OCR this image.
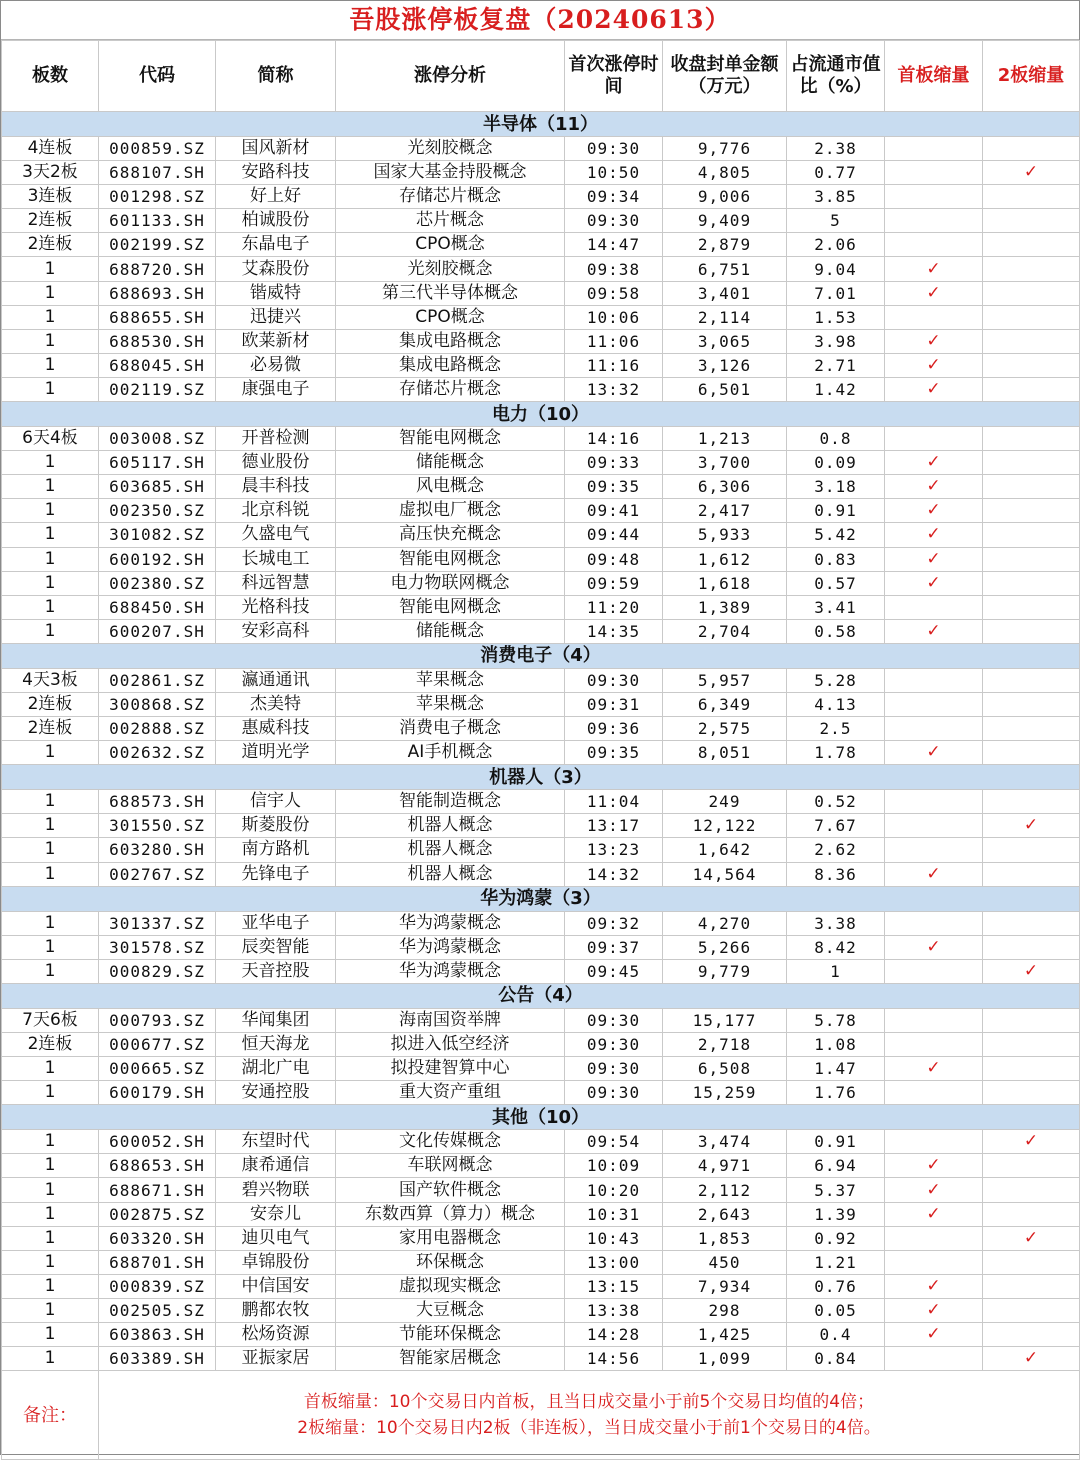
吾股涨停板复盘（20240613）
板数	代码	简称	涨停分析	首次涨停时间	收盘封单金额（万元）	占流通市值比（%）	首板缩量	2板缩量
半导体（11）								
4连板	000859.SZ	国风新材	光刻胶概念	09:30	9,776	2.38		
3天2板	688107.SH	安路科技	国家大基金持股概念	10:50	4,805	0.77		✓
3连板	001298.SZ	好上好	存储芯片概念	09:34	9,006	3.85		
2连板	601133.SH	柏诚股份	芯片概念	09:30	9,409	5		
2连板	002199.SZ	东晶电子	CPO概念	14:47	2,879	2.06		
1	688720.SH	艾森股份	光刻胶概念	09:38	6,751	9.04	✓	
1	688693.SH	锴威特	第三代半导体概念	09:58	3,401	7.01	✓	
1	688655.SH	迅捷兴	CPO概念	10:06	2,114	1.53		
1	688530.SH	欧莱新材	集成电路概念	11:06	3,065	3.98	✓	
1	688045.SH	必易微	集成电路概念	11:16	3,126	2.71	✓	
1	002119.SZ	康强电子	存储芯片概念	13:32	6,501	1.42	✓	
电力（10）								
6天4板	003008.SZ	开普检测	智能电网概念	14:16	1,213	0.8		
1	605117.SH	德业股份	储能概念	09:33	3,700	0.09	✓	
1	603685.SH	晨丰科技	风电概念	09:35	6,306	3.18	✓	
1	002350.SZ	北京科锐	虚拟电厂概念	09:41	2,417	0.91	✓	
1	301082.SZ	久盛电气	高压快充概念	09:44	5,933	5.42	✓	
1	600192.SH	长城电工	智能电网概念	09:48	1,612	0.83	✓	
1	002380.SZ	科远智慧	电力物联网概念	09:59	1,618	0.57	✓	
1	688450.SH	光格科技	智能电网概念	11:20	1,389	3.41		
1	600207.SH	安彩高科	储能概念	14:35	2,704	0.58	✓	
消费电子（4）								
4天3板	002861.SZ	瀛通通讯	苹果概念	09:30	5,957	5.28		
2连板	300868.SZ	杰美特	苹果概念	09:31	6,349	4.13		
2连板	002888.SZ	惠威科技	消费电子概念	09:36	2,575	2.5		
1	002632.SZ	道明光学	AI手机概念	09:35	8,051	1.78	✓	
机器人（3）								
1	688573.SH	信宇人	智能制造概念	11:04	249	0.52		
1	301550.SZ	斯菱股份	机器人概念	13:17	12,122	7.67		✓
1	603280.SH	南方路机	机器人概念	13:23	1,642	2.62		
1	002767.SZ	先锋电子	机器人概念	14:32	14,564	8.36	✓	
华为鸿蒙（3）								
1	301337.SZ	亚华电子	华为鸿蒙概念	09:32	4,270	3.38		
1	301578.SZ	辰奕智能	华为鸿蒙概念	09:37	5,266	8.42	✓	
1	000829.SZ	天音控股	华为鸿蒙概念	09:45	9,779	1		✓
公告（4）								
7天6板	000793.SZ	华闻集团	海南国资举牌	09:30	15,177	5.78		
2连板	000677.SZ	恒天海龙	拟进入低空经济	09:30	2,718	1.08		
1	000665.SZ	湖北广电	拟投建智算中心	09:30	6,508	1.47	✓	
1	600179.SH	安通控股	重大资产重组	09:30	15,259	1.76		
其他（10）								
1	600052.SH	东望时代	文化传媒概念	09:54	3,474	0.91		✓
1	688653.SH	康希通信	车联网概念	10:09	4,971	6.94	✓	
1	688671.SH	碧兴物联	国产软件概念	10:20	2,112	5.37	✓	
1	002875.SZ	安奈儿	东数西算（算力）概念	10:31	2,643	1.39	✓	
1	603320.SH	迪贝电气	家用电器概念	10:43	1,853	0.92		✓
1	688701.SH	卓锦股份	环保概念	13:00	450	1.21		
1	000839.SZ	中信国安	虚拟现实概念	13:15	7,934	0.76	✓	
1	002505.SZ	鹏都农牧	大豆概念	13:38	298	0.05	✓	
1	603863.SH	松炀资源	节能环保概念	14:28	1,425	0.4	✓	
1	603389.SH	亚振家居	智能家居概念	14:56	1,099	0.84		✓
备注：	首板缩量：10个交易日内首板，且当日成交量小于前5个交易日均值的4倍；
2板缩量：10个交易日内2板（非连板），当日成交量小于前1个交易日的4倍。							
